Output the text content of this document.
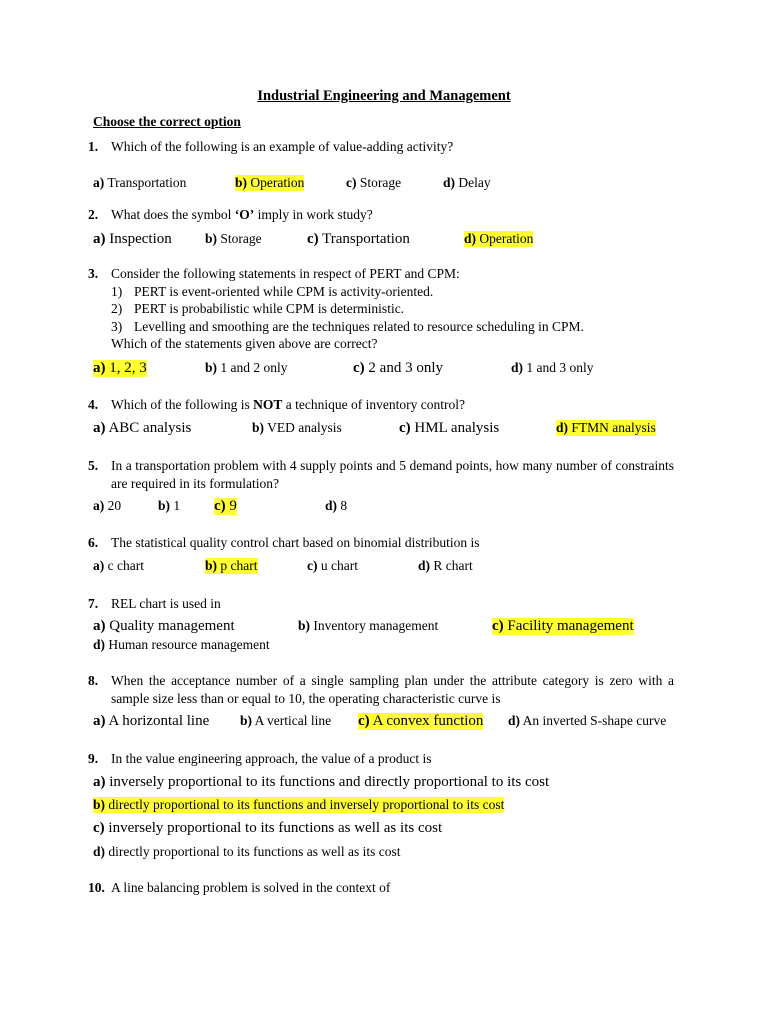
Industrial Engineering and Management
Choose the correct option
1. Which of the following is an example of value-adding activity?
a) Transportation	b) Operation	c) Storage	d) Delay
2. What does the symbol ‘O’ imply in work study?
a) Inspection b) Storage	c) Transportation	d) Operation
3. Consider the following statements in respect of PERT and CPM:
1) PERT is event-oriented while CPM is activity-oriented.
2) PERT is probabilistic while CPM is deterministic.
3) Levelling and smoothing are the techniques related to resource scheduling in CPM.
Which of the statements given above are correct?
a) 1, 2, 3	b) 1 and 2 only	c) 2 and 3 only	d) 1 and 3 only
4. Which of the following is NOT a technique of inventory control?
a) ABC analysis	b) VED analysis	c) HML analysis	d) FTMN analysis
5. In a transportation problem with 4 supply points and 5 demand points, how many number of constraints are required in its formulation?
a) 20	b) 1 c) 9	d) 8
6. The statistical quality control chart based on binomial distribution is
a) c chart	b) p chart	c) u chart	d) R chart
7. REL chart is used in
a) Quality management	b) Inventory management	c) Facility management
d) Human resource management
8. When the acceptance number of a single sampling plan under the attribute category is zero with a sample size less than or equal to 10, the operating characteristic curve is
a) A horizontal line b) A vertical line c) A convex function d) An inverted S-shape curve
9. In the value engineering approach, the value of a product is
a) inversely proportional to its functions and directly proportional to its cost
b) directly proportional to its functions and inversely proportional to its cost
c) inversely proportional to its functions as well as its cost
d) directly proportional to its functions as well as its cost
10. A line balancing problem is solved in the context of
